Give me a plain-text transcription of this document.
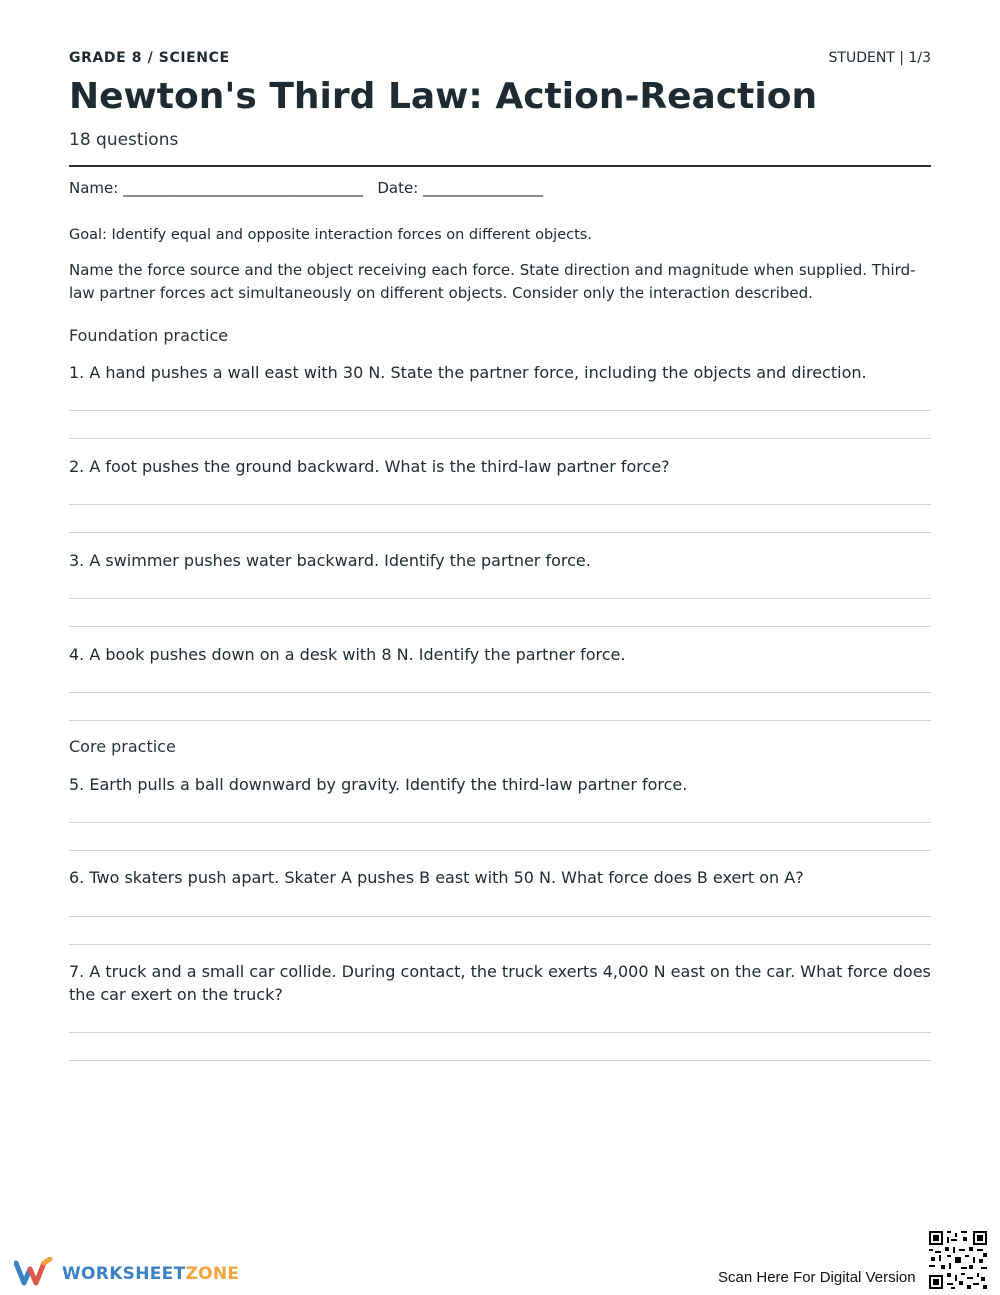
GRADE 8 / SCIENCE	STUDENT | 1/3
Newton's Third Law: Action-Reaction
18 questions
Name: ________________________________   Date: ________________
Goal: Identify equal and opposite interaction forces on different objects.
Name the force source and the object receiving each force. State direction and magnitude when supplied. Third-law partner forces act simultaneously on different objects. Consider only the interaction described.
Foundation practice
1. A hand pushes a wall east with 30 N. State the partner force, including the objects and direction.
2. A foot pushes the ground backward. What is the third-law partner force?
3. A swimmer pushes water backward. Identify the partner force.
4. A book pushes down on a desk with 8 N. Identify the partner force.
Core practice
5. Earth pulls a ball downward by gravity. Identify the third-law partner force.
6. Two skaters push apart. Skater A pushes B east with 50 N. What force does B exert on A?
7. A truck and a small car collide. During contact, the truck exerts 4,000 N east on the car. What force does the car exert on the truck?
WORKSHEETZONE	Scan Here For Digital Version
